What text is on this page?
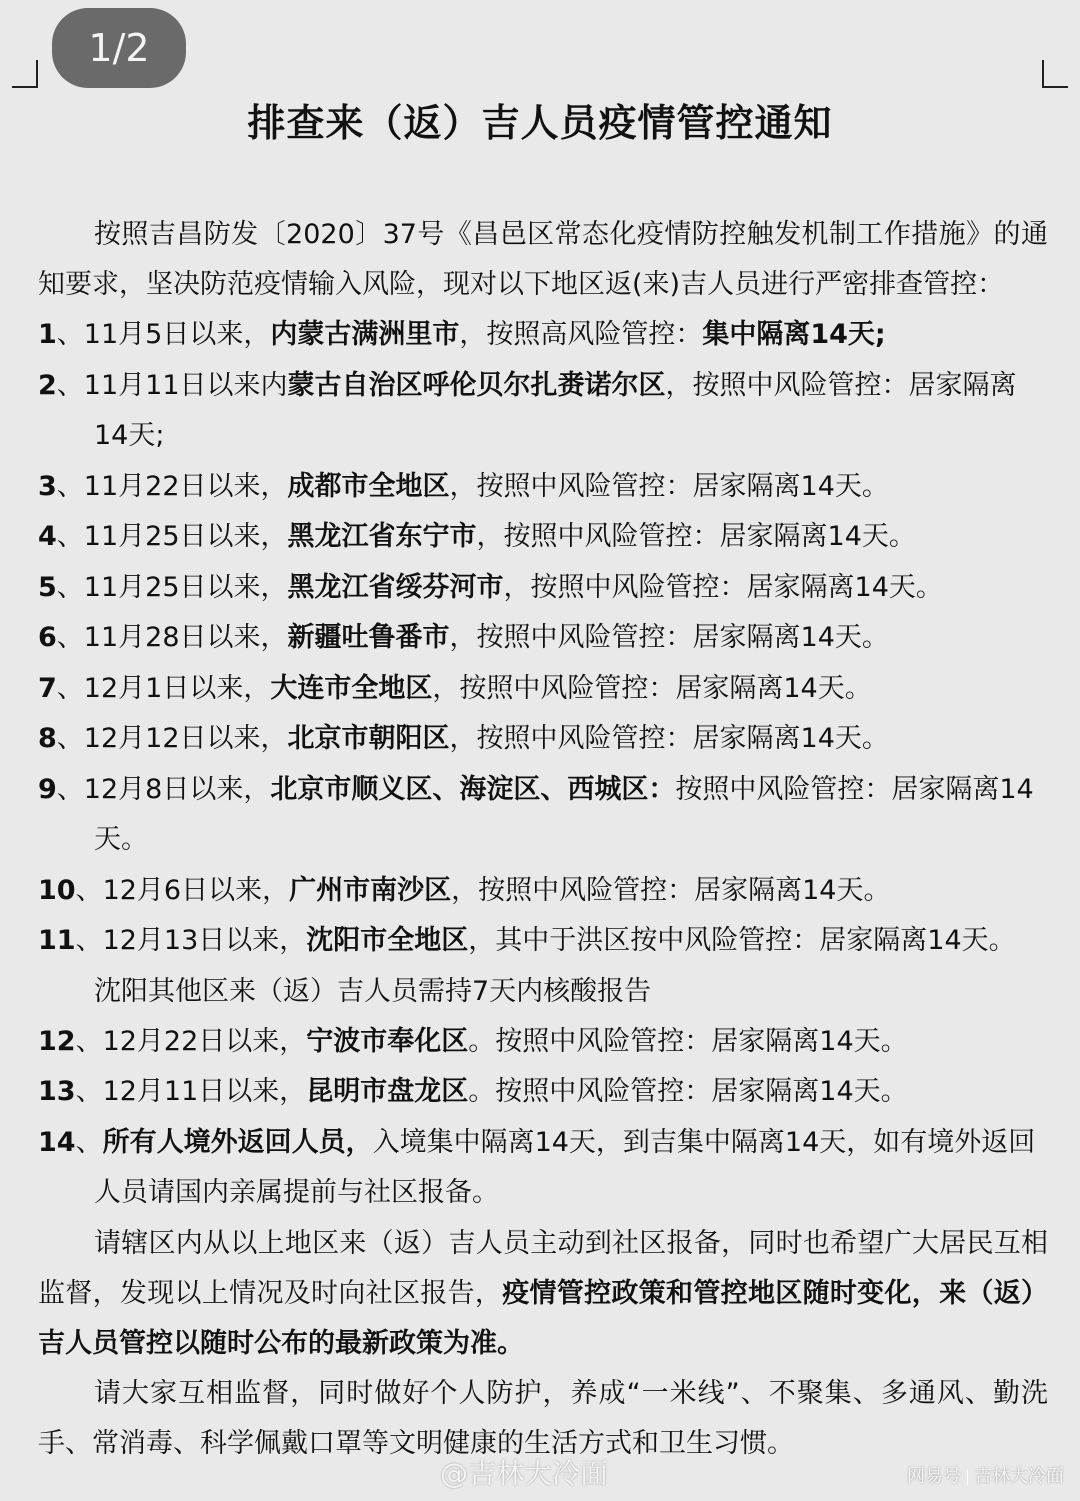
1/2
排查来（返）吉人员疫情管控通知

按照吉昌防发〔2020〕37号《昌邑区常态化疫情防控触发机制工作措施》的通知要求，坚决防范疫情输入风险，现对以下地区返(来)吉人员进行严密排查管控：

1、11月5日以来，内蒙古满洲里市，按照高风险管控：集中隔离14天;

2、11月11日以来内蒙古自治区呼伦贝尔扎赉诺尔区，按照中风险管控：居家隔离14天;

3、11月22日以来，成都市全地区，按照中风险管控：居家隔离14天。

4、11月25日以来，黑龙江省东宁市，按照中风险管控：居家隔离14天。

5、11月25日以来，黑龙江省绥芬河市，按照中风险管控：居家隔离14天。

6、11月28日以来，新疆吐鲁番市，按照中风险管控：居家隔离14天。

7、12月1日以来，大连市全地区，按照中风险管控：居家隔离14天。

8、12月12日以来，北京市朝阳区，按照中风险管控：居家隔离14天。

9、12月8日以来，北京市顺义区、海淀区、西城区：按照中风险管控：居家隔离14天。

10、12月6日以来，广州市南沙区，按照中风险管控：居家隔离14天。

11、12月13日以来，沈阳市全地区，其中于洪区按中风险管控：居家隔离14天。

沈阳其他区来（返）吉人员需持7天内核酸报告

12、12月22日以来，宁波市奉化区。按照中风险管控：居家隔离14天。

13、12月11日以来，昆明市盘龙区。按照中风险管控：居家隔离14天。

14、所有人境外返回人员，入境集中隔离14天，到吉集中隔离14天，如有境外返回人员请国内亲属提前与社区报备。

请辖区内从以上地区来（返）吉人员主动到社区报备，同时也希望广大居民互相监督，发现以上情况及时向社区报告，疫情管控政策和管控地区随时变化，来（返）吉人员管控以随时公布的最新政策为准。

请大家互相监督，同时做好个人防护，养成“一米线”、不聚集、多通风、勤洗手、常消毒、科学佩戴口罩等文明健康的生活方式和卫生习惯。

@吉林大冷面	网易号 吉林大冷面
